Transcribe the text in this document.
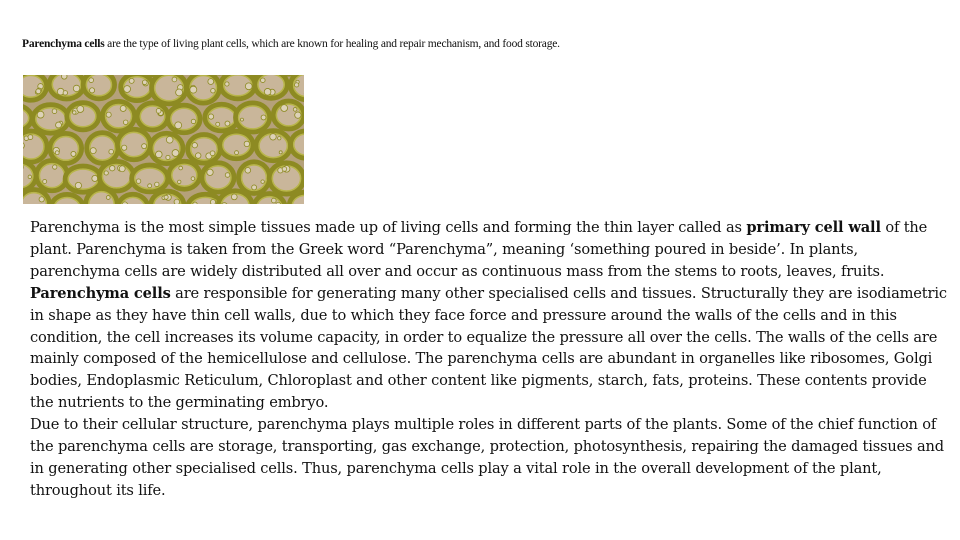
Parenchyma cells are the type of living plant cells, which are known for healing and repair mechanism, and food storage.

Parenchyma is the most simple tissues made up of living cells and forming the thin layer called as primary cell wall of the plant. Parenchyma is taken from the Greek word “Parenchyma”, meaning ‘something poured in beside’. In plants, parenchyma cells are widely distributed all over and occur as continuous mass from the stems to roots, leaves, fruits.

Parenchyma cells are responsible for generating many other specialised cells and tissues. Structurally they are isodiametric in shape as they have thin cell walls, due to which they face force and pressure around the walls of the cells and in this condition, the cell increases its volume capacity, in order to equalize the pressure all over the cells. The walls of the cells are mainly composed of the hemicellulose and cellulose. The parenchyma cells are abundant in organelles like ribosomes, Golgi bodies, Endoplasmic Reticulum, Chloroplast and other content like pigments, starch, fats, proteins. These contents provide the nutrients to the germinating embryo.

Due to their cellular structure, parenchyma plays multiple roles in different parts of the plants. Some of the chief function of the parenchyma cells are storage, transporting, gas exchange, protection, photosynthesis, repairing the damaged tissues and in generating other specialised cells. Thus, parenchyma cells play a vital role in the overall development of the plant, throughout its life.
